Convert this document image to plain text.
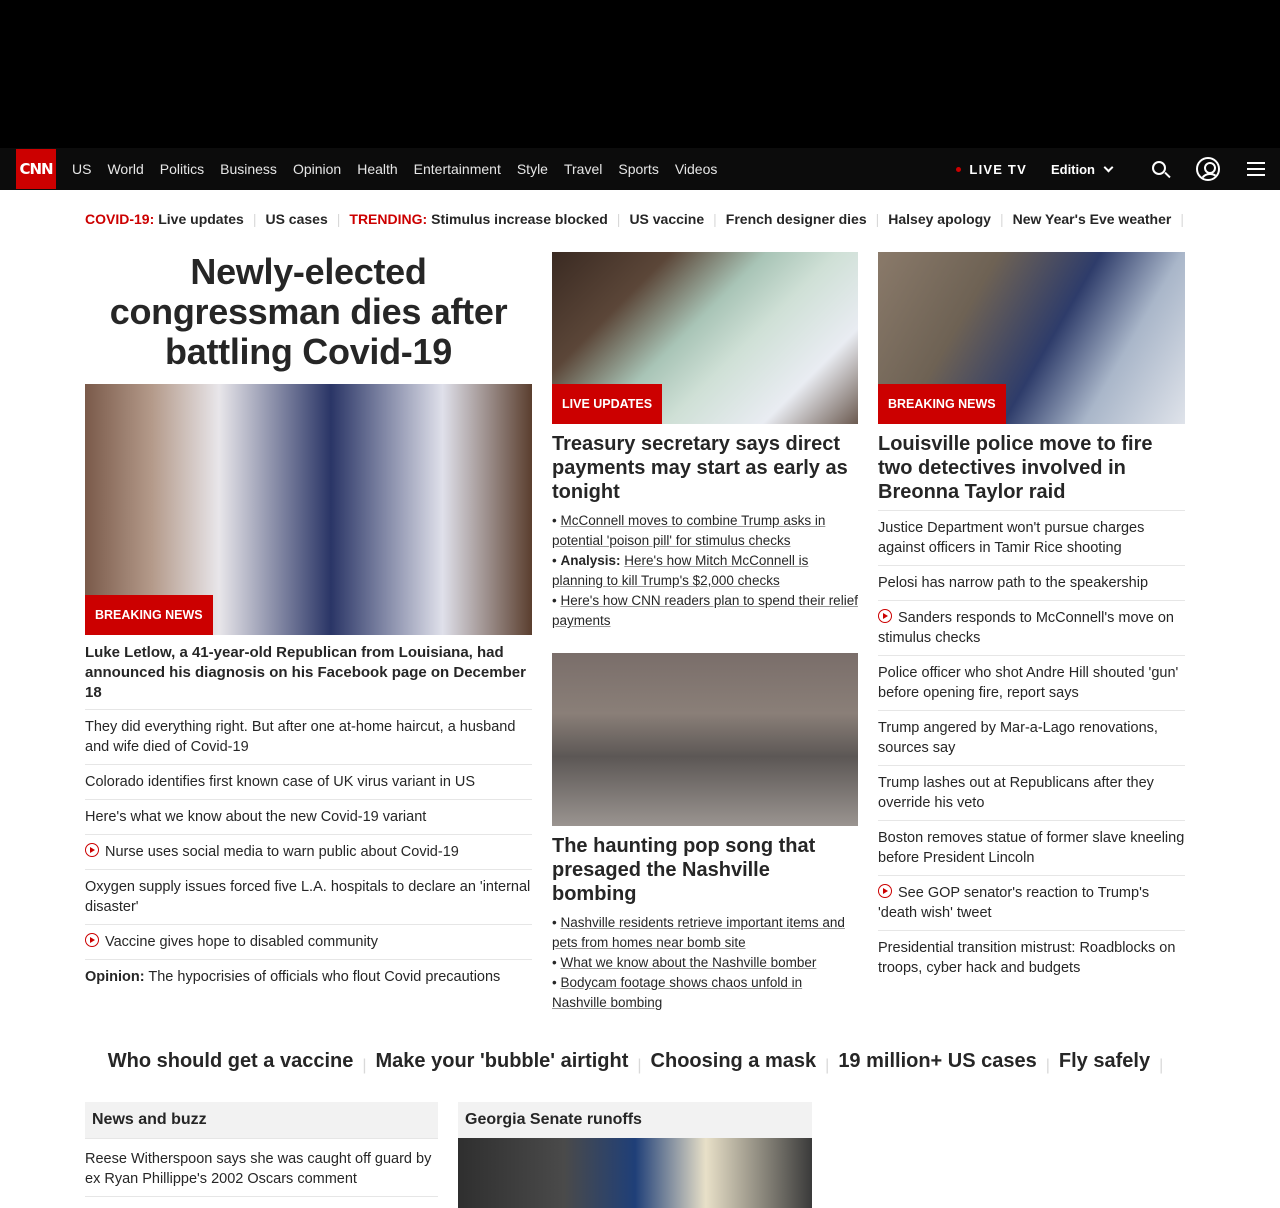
CNN	US	World	Politics	Business	Opinion	Health	Entertainment	Style	Travel	Sports	Videos	LIVE TV Edition
COVID-19: Live updates | US cases | TRENDING: Stimulus increase blocked | US vaccine | French designer dies | Halsey apology | New Year's Eve weather |
Newly-elected congressman dies after battling Covid-19
BREAKING NEWS
Luke Letlow, a 41-year-old Republican from Louisiana, had announced his diagnosis on his Facebook page on December 18
They did everything right. But after one at-home haircut, a husband and wife died of Covid-19
Colorado identifies first known case of UK virus variant in US
Here's what we know about the new Covid-19 variant
Nurse uses social media to warn public about Covid-19
Oxygen supply issues forced five L.A. hospitals to declare an 'internal disaster'
Vaccine gives hope to disabled community
Opinion: The hypocrisies of officials who flout Covid precautions
LIVE UPDATES
Treasury secretary says direct payments may start as early as tonight
• McConnell moves to combine Trump asks in potential 'poison pill' for stimulus checks
• Analysis: Here's how Mitch McConnell is planning to kill Trump's $2,000 checks
• Here's how CNN readers plan to spend their relief payments
The haunting pop song that presaged the Nashville bombing
• Nashville residents retrieve important items and pets from homes near bomb site
• What we know about the Nashville bomber
• Bodycam footage shows chaos unfold in Nashville bombing
BREAKING NEWS
Louisville police move to fire two detectives involved in Breonna Taylor raid
Justice Department won't pursue charges against officers in Tamir Rice shooting
Pelosi has narrow path to the speakership
Sanders responds to McConnell's move on stimulus checks
Police officer who shot Andre Hill shouted 'gun' before opening fire, report says
Trump angered by Mar-a-Lago renovations, sources say
Trump lashes out at Republicans after they override his veto
Boston removes statue of former slave kneeling before President Lincoln
See GOP senator's reaction to Trump's 'death wish' tweet
Presidential transition mistrust: Roadblocks on troops, cyber hack and budgets
Who should get a vaccine | Make your 'bubble' airtight | Choosing a mask | 19 million+ US cases | Fly safely |
News and buzz
Reese Witherspoon says she was caught off guard by ex Ryan Phillippe's 2002 Oscars comment
Georgia Senate runoffs
